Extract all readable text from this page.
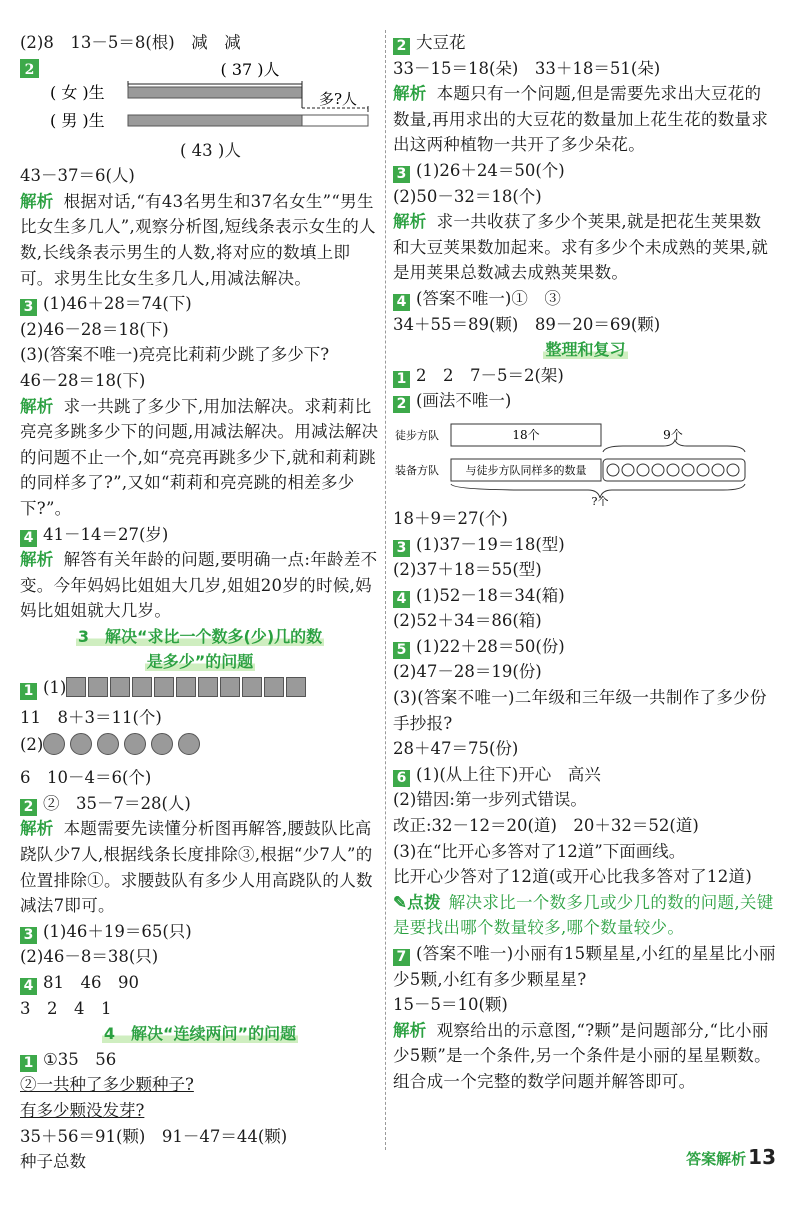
(2)8　13－5＝8(根)　减　减
2	( 37 )人
( 女 )生	多?人
( 男 )生
( 43 )人
43－37＝6(人)
解析 根据对话,“有43名男生和37名女生”“男生比女生多几人”,观察分析图,短线条表示女生的人数,长线条表示男生的人数,将对应的数填上即可。求男生比女生多几人,用减法解决。
3 (1)46＋28＝74(下)
(2)46－28＝18(下)
(3)(答案不唯一)亮亮比莉莉少跳了多少下?
46－28＝18(下)
解析 求一共跳了多少下,用加法解决。求莉莉比亮亮多跳多少下的问题,用减法解决。用减法解决的问题不止一个,如“亮亮再跳多少下,就和莉莉跳的同样多了?”,又如“莉莉和亮亮跳的相差多少下?”。
4 41－14＝27(岁)
解析 解答有关年龄的问题,要明确一点:年龄差不变。今年妈妈比姐姐大几岁,姐姐20岁的时候,妈妈比姐姐就大几岁。
3　解决“求比一个数多(少)几的数
是多少”的问题
1 (1)
11　8＋3＝11(个)
(2)
6　10－4＝6(个)
2 ②　35－7＝28(人)
解析 本题需要先读懂分析图再解答,腰鼓队比高跷队少7人,根据线条长度排除③,根据“少7人”的位置排除①。求腰鼓队有多少人用高跷队的人数减法7即可。
3 (1)46＋19＝65(只)
(2)46－8＝38(只)
4 81　46　90
3　2　4　1
4　解决“连续两问”的问题
1 ①35　56
②一共种了多少颗种子?
有多少颗没发芽?
35＋56＝91(颗)　91－47＝44(颗)
种子总数
2 大豆花
33－15＝18(朵)　33＋18＝51(朵)
解析 本题只有一个问题,但是需要先求出大豆花的数量,再用求出的大豆花的数量加上花生花的数量求出这两种植物一共开了多少朵花。
3 (1)26＋24＝50(个)
(2)50－32＝18(个)
解析 求一共收获了多少个荚果,就是把花生荚果数和大豆荚果数加起来。求有多少个未成熟的荚果,就是用荚果总数减去成熟荚果数。
4 (答案不唯一)①　③
34＋55＝89(颗)　89－20＝69(颗)
整理和复习
1 2　2　7－5＝2(架)
2 (画法不唯一)
徒步方队	18个	9个
装备方队 与徒步方队同样多的数量
?个
18＋9＝27(个)
3 (1)37－19＝18(型)
(2)37＋18＝55(型)
4 (1)52－18＝34(箱)
(2)52＋34＝86(箱)
5 (1)22＋28＝50(份)
(2)47－28＝19(份)
(3)(答案不唯一)二年级和三年级一共制作了多少份手抄报?
28＋47＝75(份)
6 (1)(从上往下)开心　高兴
(2)错因:第一步列式错误。
改正:32－12＝20(道)　20＋32＝52(道)
(3)在“比开心多答对了12道”下面画线。
比开心少答对了12道(或开心比我多答对了12道)
✎点拨 解决求比一个数多几或少几的数的问题,关键是要找出哪个数量较多,哪个数量较少。
7 (答案不唯一)小丽有15颗星星,小红的星星比小丽少5颗,小红有多少颗星星?
15－5＝10(颗)
解析 观察给出的示意图,“?颗”是问题部分,“比小丽少5颗”是一个条件,另一个条件是小丽的星星颗数。组合成一个完整的数学问题并解答即可。
答案解析 13
